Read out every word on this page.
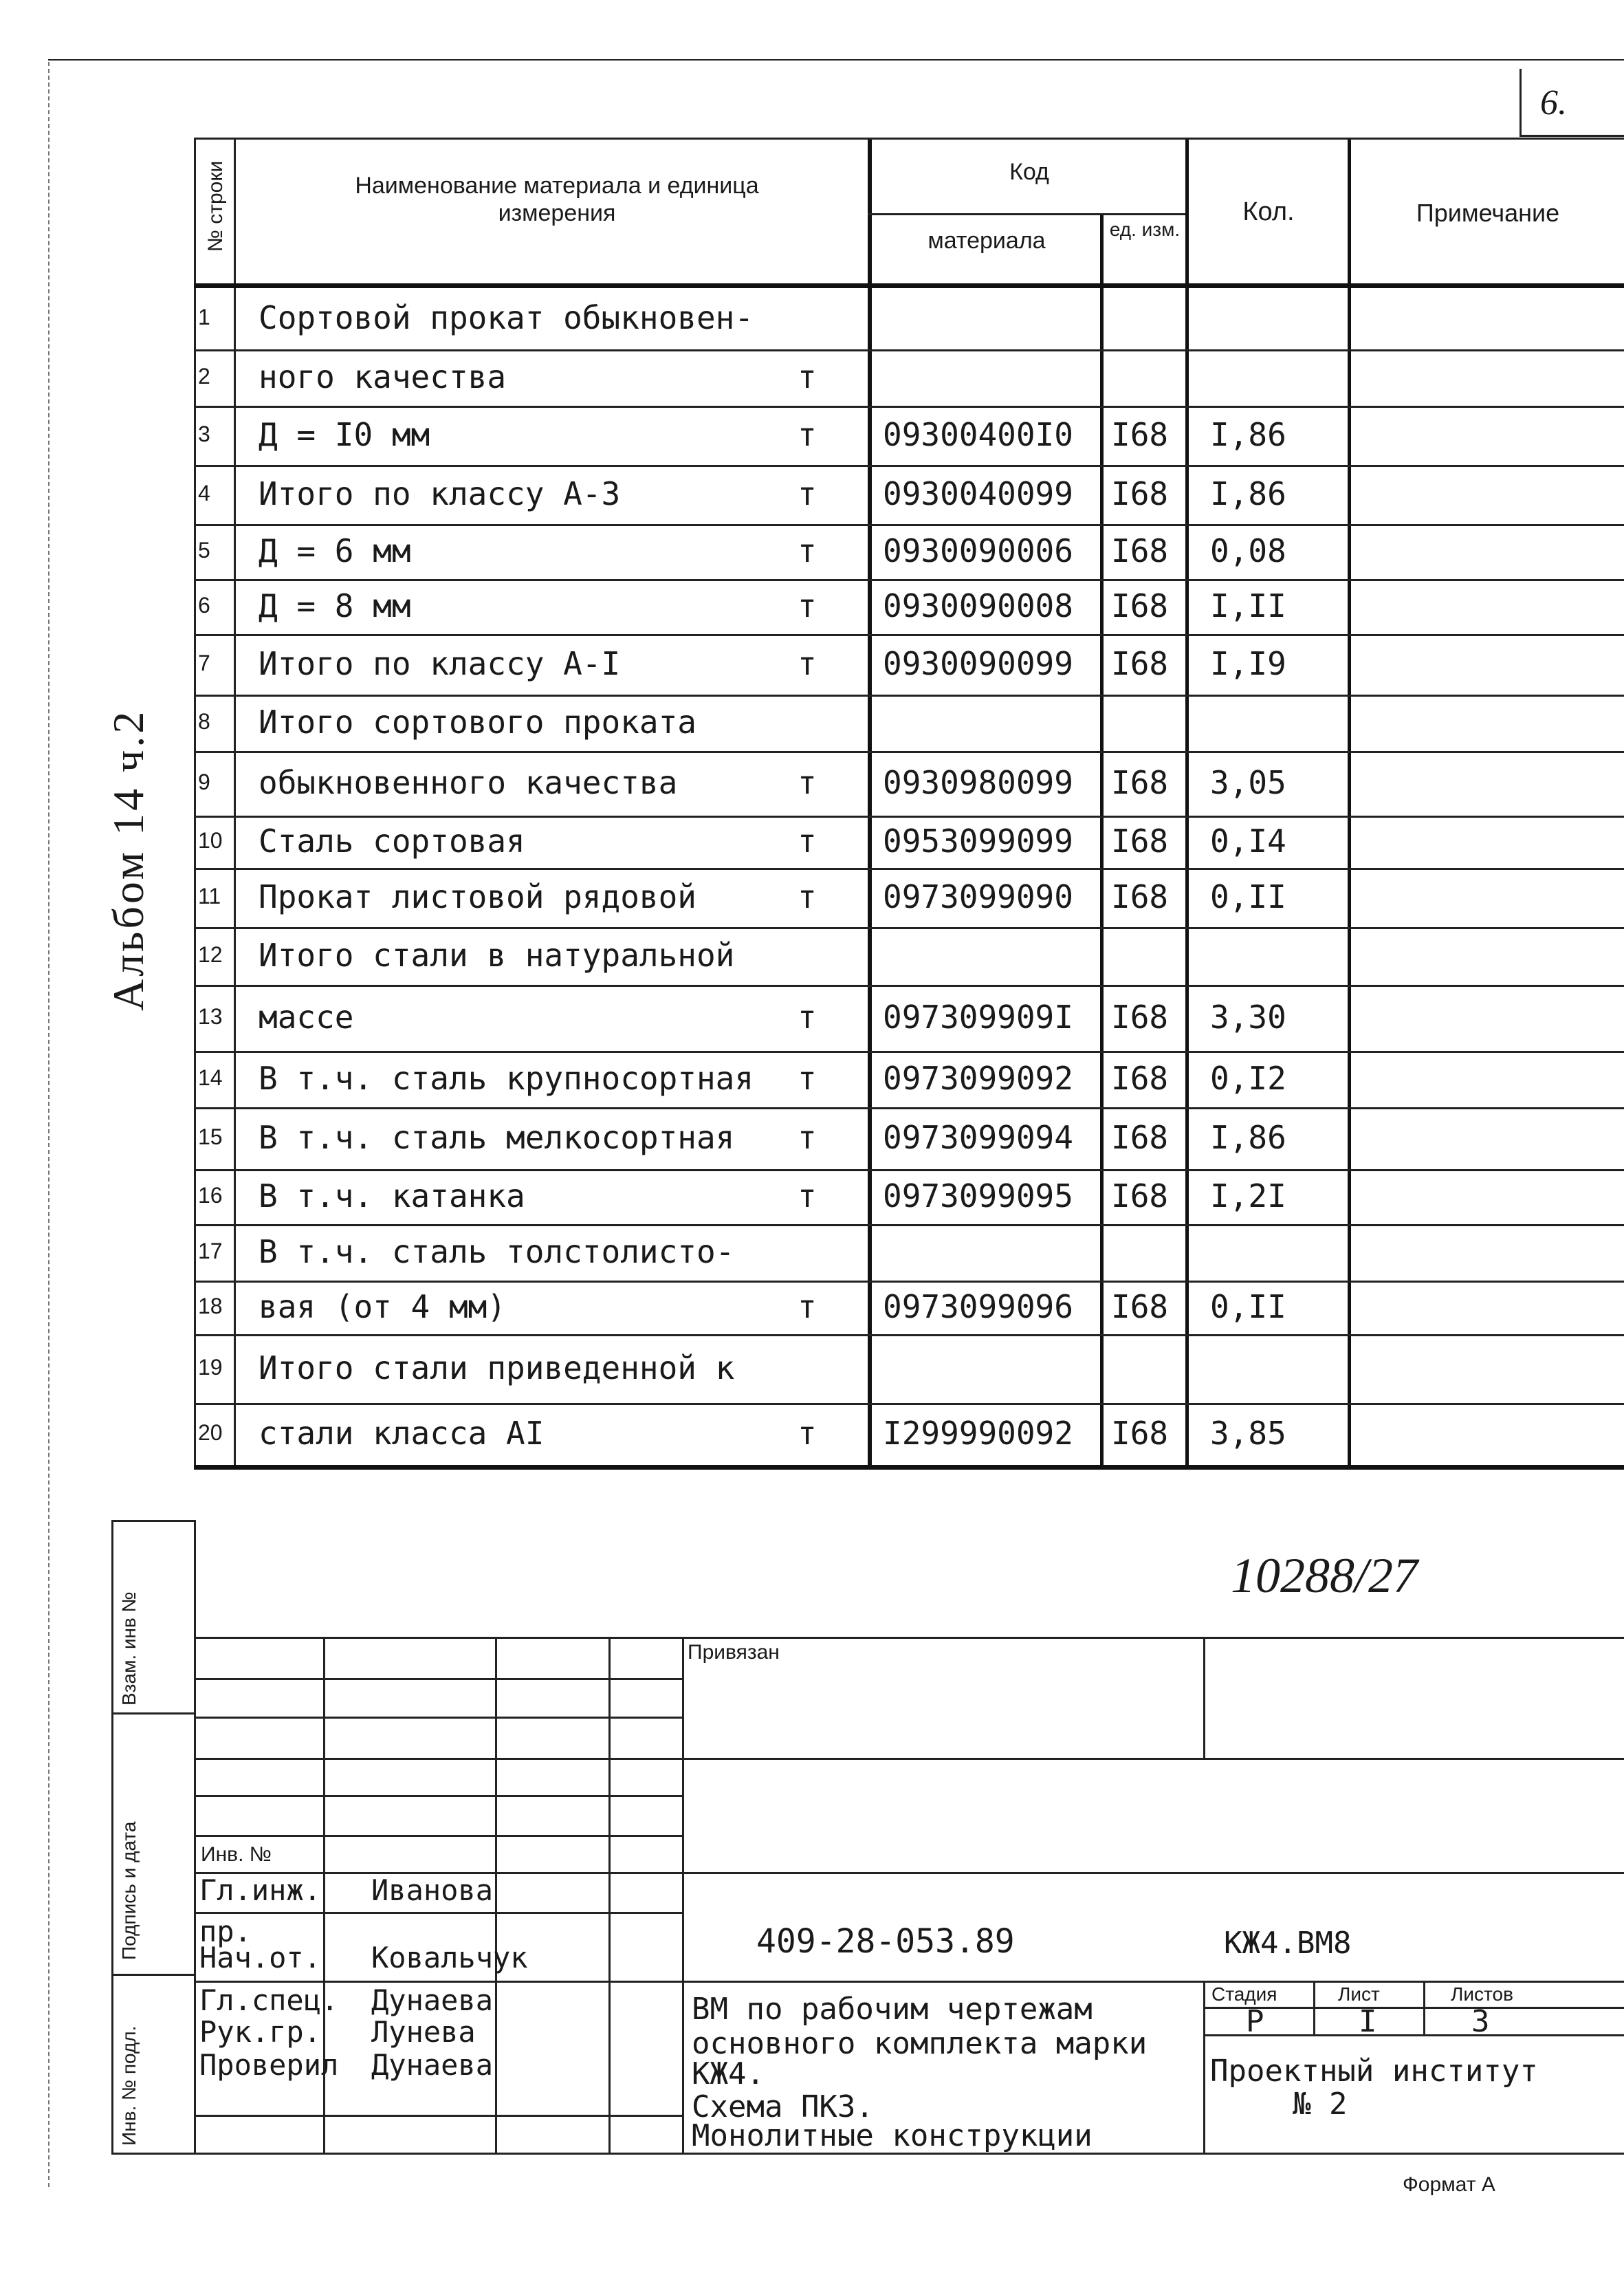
6.
Альбом 14 ч.2
№ строки	Наименование материала и единица измерения
Код
материала	ед. изм.
Кол.	Примечание
1 Сортовой прокат обыкновен-
2 ного качества	т
3 Д = I0 мм	т 09300400I0 I68 I,86
4 Итого по классу А-3	т 0930040099 I68 I,86
5 Д = 6 мм	т 0930090006 I68 0,08
6 Д = 8 мм	т 0930090008 I68 I,II
7 Итого по классу А-I	т 0930090099 I68 I,I9
8 Итого сортового проката
9 обыкновенного качества	т 0930980099 I68 3,05
10 Сталь сортовая	т 0953099099 I68 0,I4
11 Прокат листовой рядовой	т 0973099090 I68 0,II
12 Итого стали в натуральной
13 массе	т 097309909I I68 3,30
14 В т.ч. сталь крупносортная т 0973099092 I68 0,I2
15 В т.ч. сталь мелкосортная т 0973099094 I68 I,86
16 В т.ч. катанка	т 0973099095 I68 I,2I
17 В т.ч. сталь толстолисто-
18 вая (от 4 мм)	т 0973099096 I68 0,II
19 Итого стали приведенной к
20 стали класса АI	т I299990092 I68 3,85
10288/27
Взам. инв №
Подпись и дата
Инв. № подл.
Привязан
Инв. №
Гл.инж. Иванова
пр.
Нач.от. Ковальчук
Гл.спец. Дунаева
Рук.гр. Лунева
Проверил Дунаева
409-28-053.89	КЖ4.ВМ8
ВМ по рабочим чертежам
основного комплекта марки
КЖ4.
Схема ПК3.
Монолитные конструкции
Стадия	Лист	Листов
Р	I	3
Проектный институт
№ 2
Формат А
